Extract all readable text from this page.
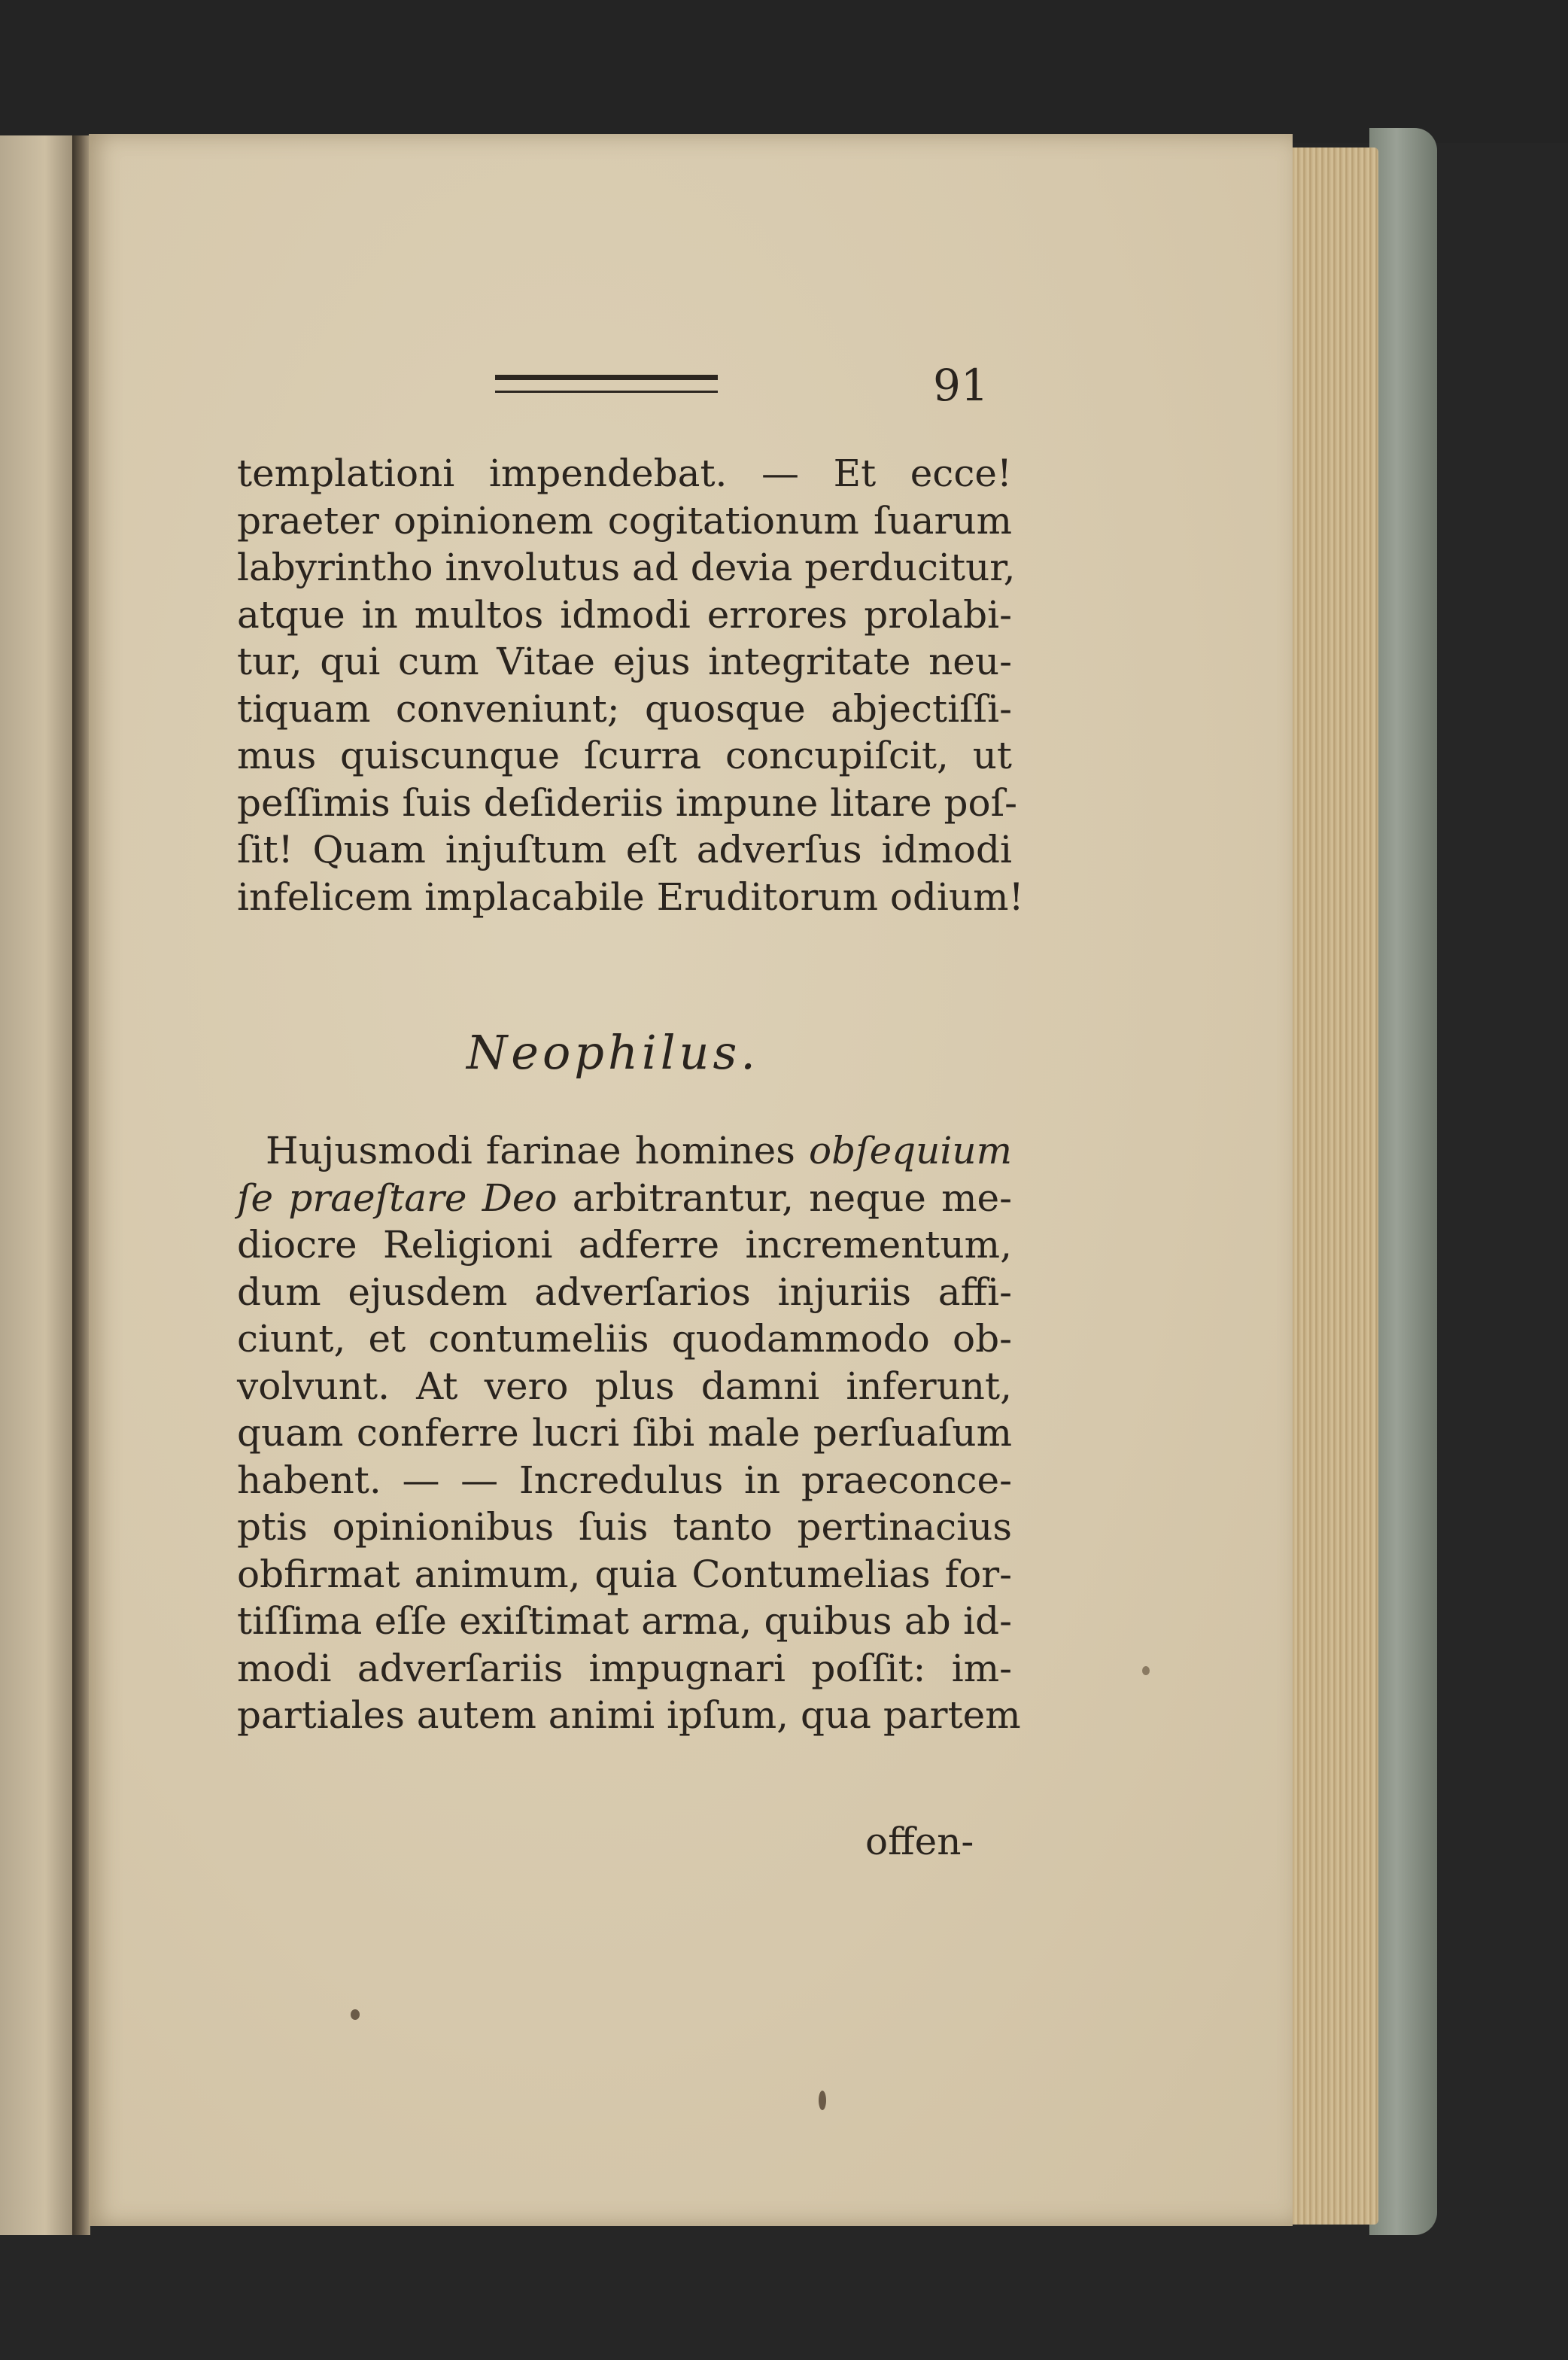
91
templationi impendebat. — Et ecce!
praeter opinionem cogitationum ſuarum
labyrintho involutus ad devia perducitur,
atque in multos idmodi errores prolabi-
tur, qui cum Vitae ejus integritate neu-
tiquam conveniunt; quosque abjectiſſi-
mus quiscunque ſcurra concupiſcit, ut
peſſimis ſuis deſideriis impune litare poſ-
ſit! Quam injuſtum eſt adverſus idmodi
infelicem implacabile Eruditorum odium!
Neophilus.
Hujusmodi farinae homines obſequium
ſe praeſtare Deo arbitrantur, neque me-
diocre Religioni adferre incrementum,
dum ejusdem adverſarios injuriis affi-
ciunt, et contumeliis quodammodo ob-
volvunt. At vero plus damni inferunt,
quam conferre lucri ſibi male perſuaſum
habent. — — Incredulus in praeconce-
ptis opinionibus ſuis tanto pertinacius
obfirmat animum, quia Contumelias for-
tiſſima eſſe exiſtimat arma, quibus ab id-
modi adverſariis impugnari poſſit: im-
partiales autem animi ipſum, qua partem
offen-
